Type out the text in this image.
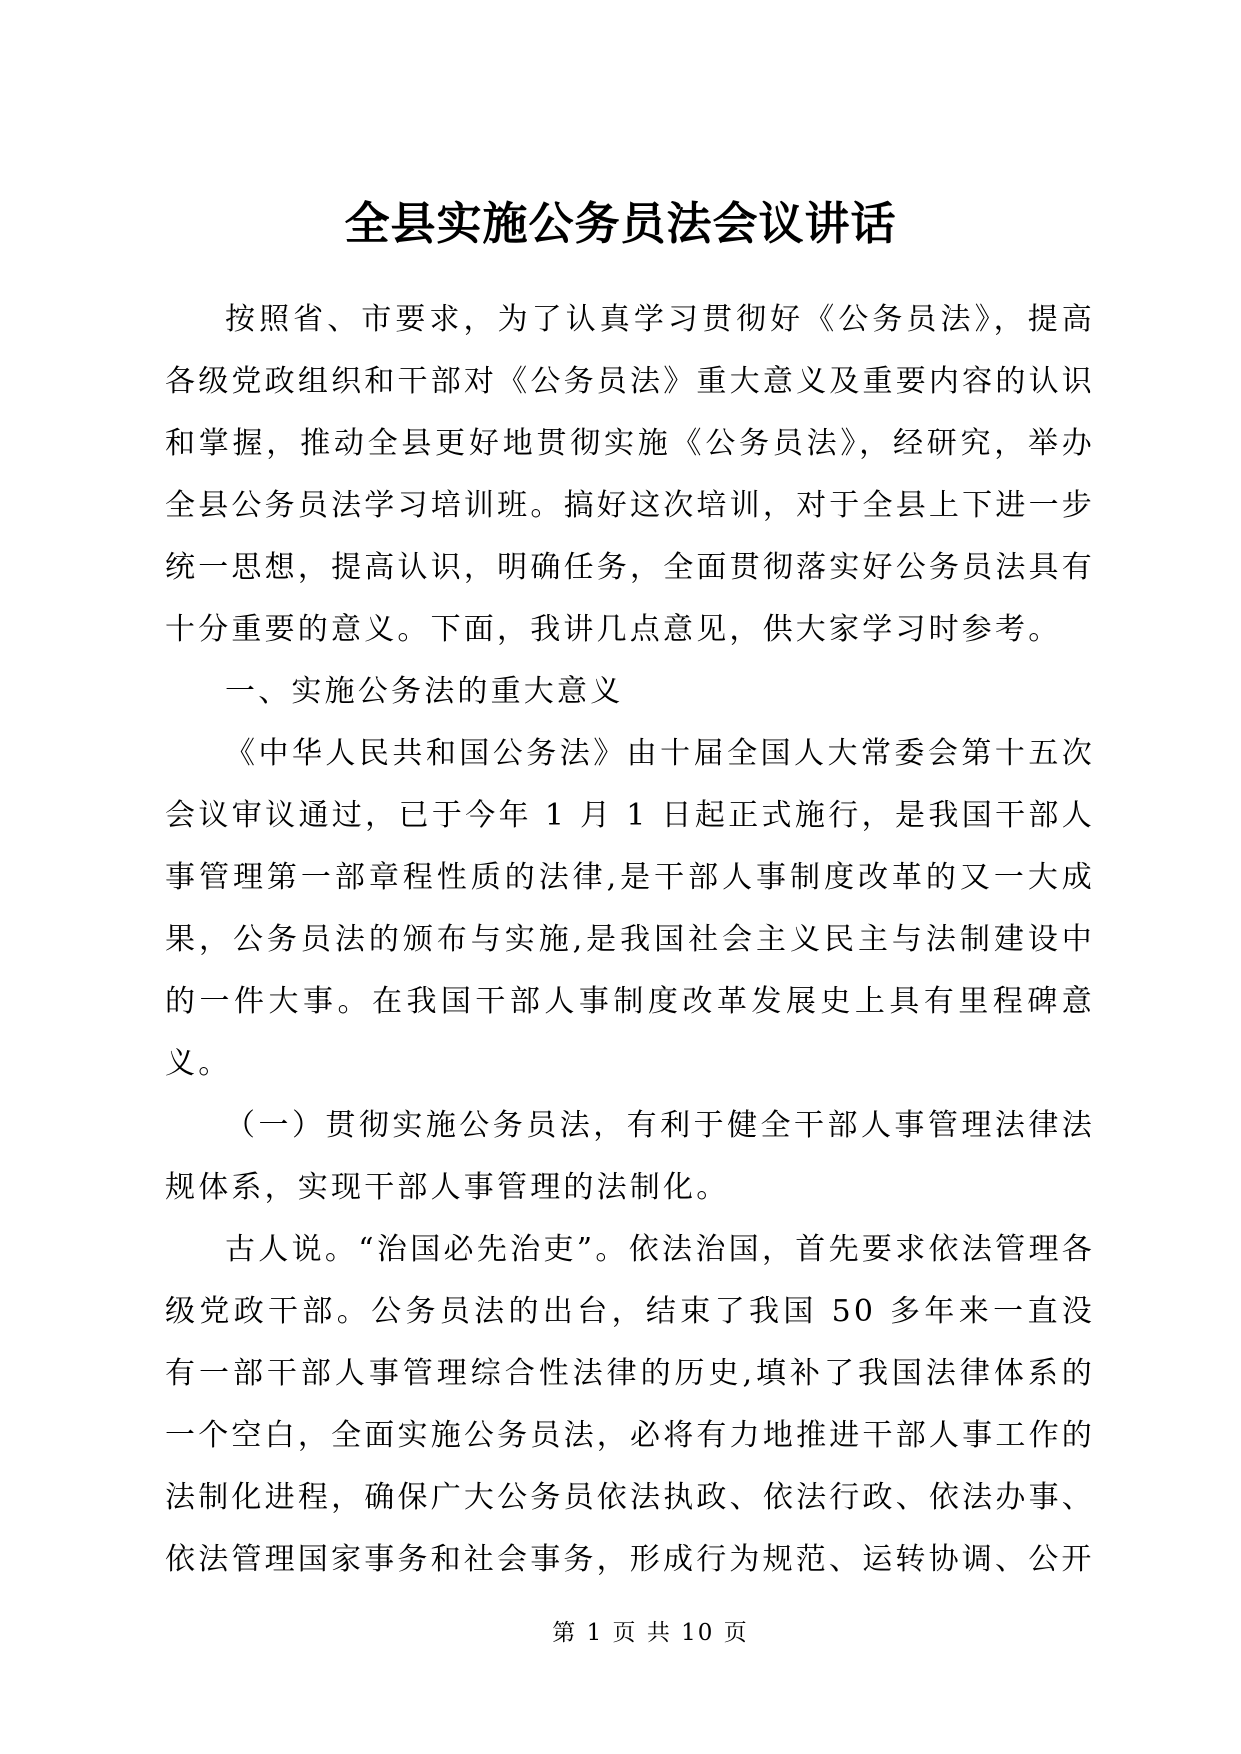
全县实施公务员法会议讲话

按照省、市要求，为了认真学习贯彻好《公务员法》，提高各级党政组织和干部对《公务员法》重大意义及重要内容的认识和掌握，推动全县更好地贯彻实施《公务员法》，经研究，举办全县公务员法学习培训班。搞好这次培训，对于全县上下进一步统一思想，提高认识，明确任务，全面贯彻落实好公务员法具有十分重要的意义。下面，我讲几点意见，供大家学习时参考。

一、实施公务法的重大意义

《中华人民共和国公务法》由十届全国人大常委会第十五次会议审议通过，已于今年 1 月 1 日起正式施行，是我国干部人事管理第一部章程性质的法律,是干部人事制度改革的又一大成果，公务员法的颁布与实施,是我国社会主义民主与法制建设中的一件大事。在我国干部人事制度改革发展史上具有里程碑意义。

（一）贯彻实施公务员法，有利于健全干部人事管理法律法规体系，实现干部人事管理的法制化。

古人说。“治国必先治吏”。依法治国，首先要求依法管理各级党政干部。公务员法的出台，结束了我国 50 多年来一直没有一部干部人事管理综合性法律的历史,填补了我国法律体系的一个空白，全面实施公务员法，必将有力地推进干部人事工作的法制化进程，确保广大公务员依法执政、依法行政、依法办事、依法管理国家事务和社会事务，形成行为规范、运转协调、公开

第 1 页 共 10 页
